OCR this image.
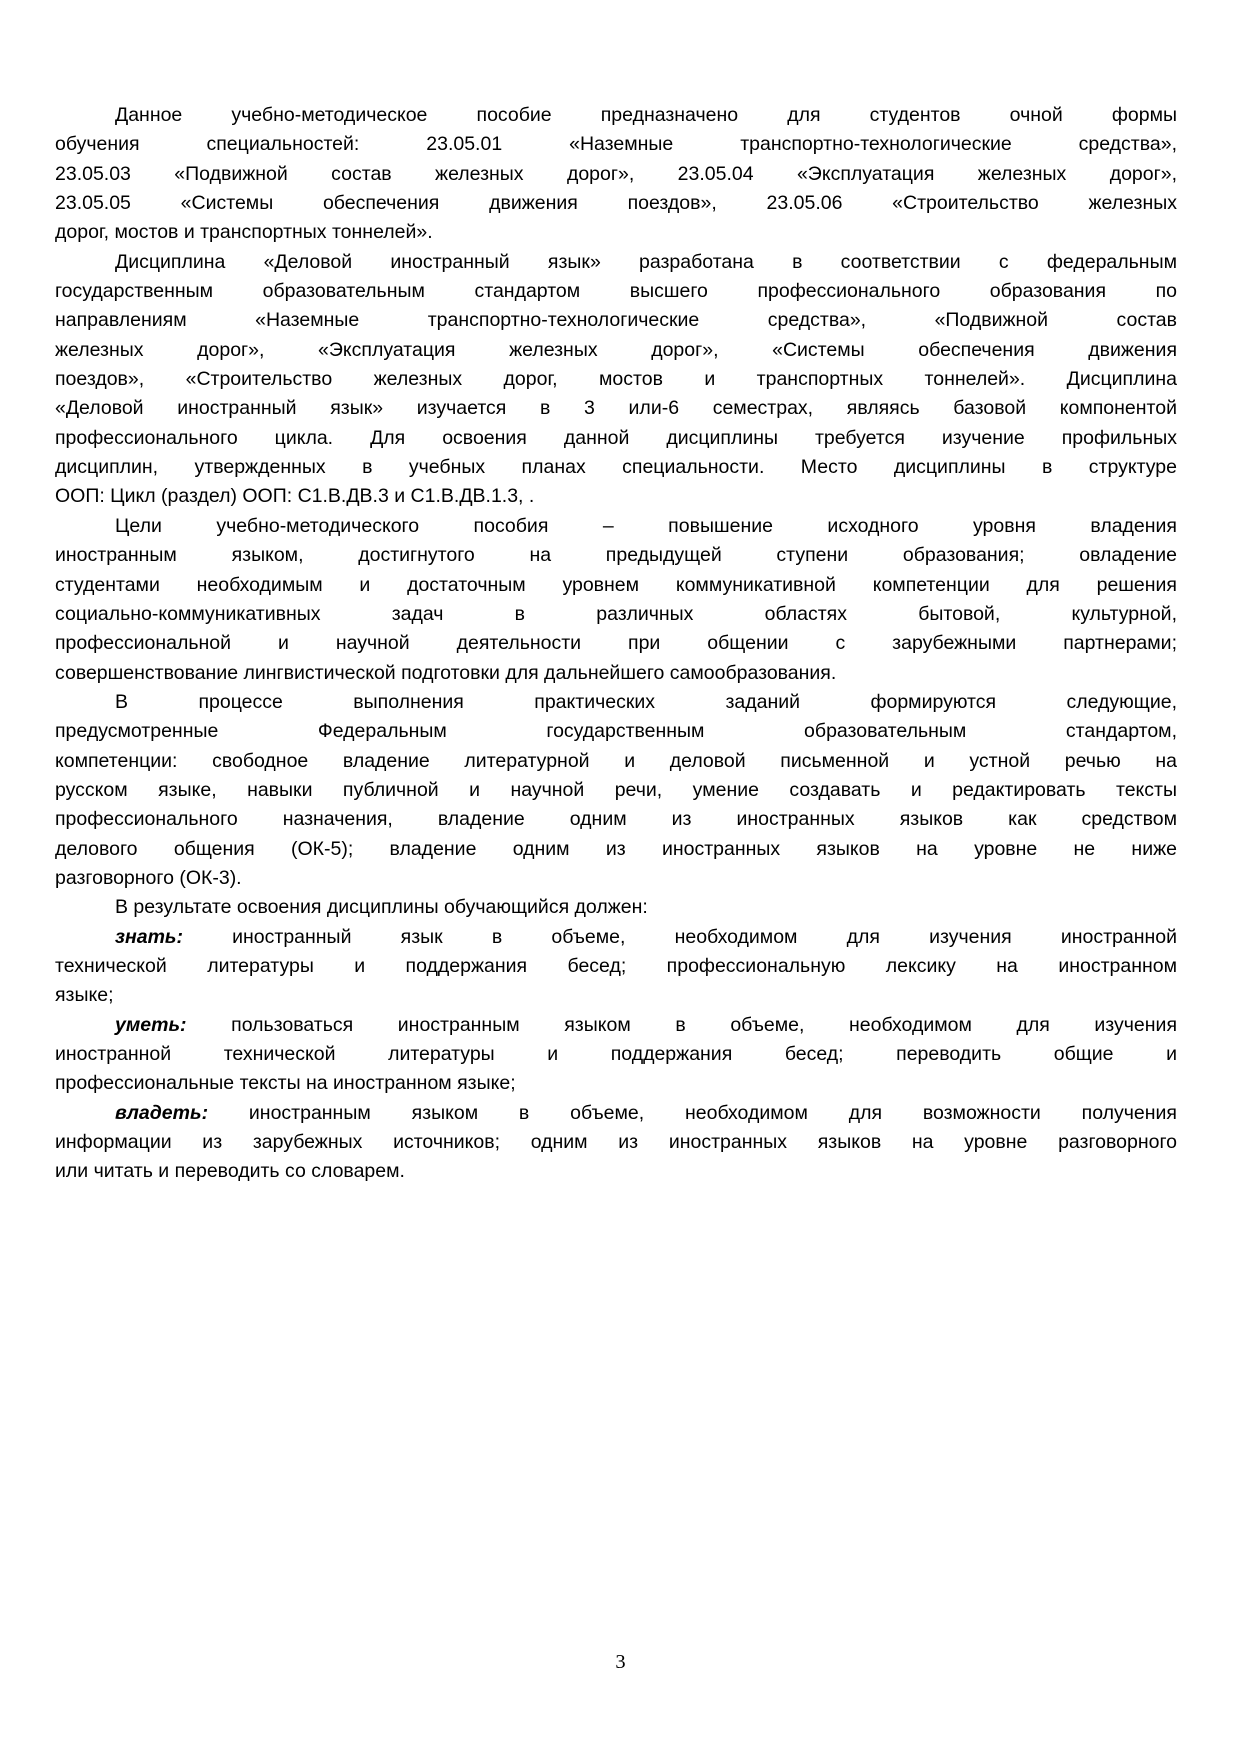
Данное учебно-методическое пособие предназначено для студентов очной формы
обучения специальностей: 23.05.01 «Наземные транспортно-технологические средства»,
23.05.03 «Подвижной состав железных дорог», 23.05.04 «Эксплуатация железных дорог»,
23.05.05 «Системы обеспечения движения поездов», 23.05.06 «Строительство железных
дорог, мостов и транспортных тоннелей».
Дисциплина «Деловой иностранный язык» разработана в соответствии с федеральным
государственным образовательным стандартом высшего профессионального образования по
направлениям «Наземные транспортно-технологические средства», «Подвижной состав
железных дорог», «Эксплуатация железных дорог», «Системы обеспечения движения
поездов», «Строительство железных дорог, мостов и транспортных тоннелей». Дисциплина
«Деловой иностранный язык» изучается в 3 или-6 семестрах, являясь базовой компонентой
профессионального цикла. Для освоения данной дисциплины требуется изучение профильных
дисциплин, утвержденных в учебных планах специальности. Место дисциплины в структуре
ООП: Цикл (раздел) ООП: С1.В.ДВ.3 и С1.В.ДВ.1.3, .
Цели учебно-методического пособия – повышение исходного уровня владения
иностранным языком, достигнутого на предыдущей ступени образования; овладение
студентами необходимым и достаточным уровнем коммуникативной компетенции для решения
социально-коммуникативных задач в различных областях бытовой, культурной,
профессиональной и научной деятельности при общении с зарубежными партнерами;
совершенствование лингвистической подготовки для дальнейшего самообразования.
В процессе выполнения практических заданий формируются следующие,
предусмотренные Федеральным государственным образовательным стандартом,
компетенции: свободное владение литературной и деловой письменной и устной речью на
русском языке, навыки публичной и научной речи, умение создавать и редактировать тексты
профессионального назначения, владение одним из иностранных языков как средством
делового общения (ОК-5); владение одним из иностранных языков на уровне не ниже
разговорного (ОК-3).
В результате освоения дисциплины обучающийся должен:
знать: иностранный язык в объеме, необходимом для изучения иностранной
технической литературы и поддержания бесед; профессиональную лексику на иностранном
языке;
уметь: пользоваться иностранным языком в объеме, необходимом для изучения
иностранной технической литературы и поддержания бесед; переводить общие и
профессиональные тексты на иностранном языке;
владеть: иностранным языком в объеме, необходимом для возможности получения
информации из зарубежных источников; одним из иностранных языков на уровне разговорного
или читать и переводить со словарем.
3
